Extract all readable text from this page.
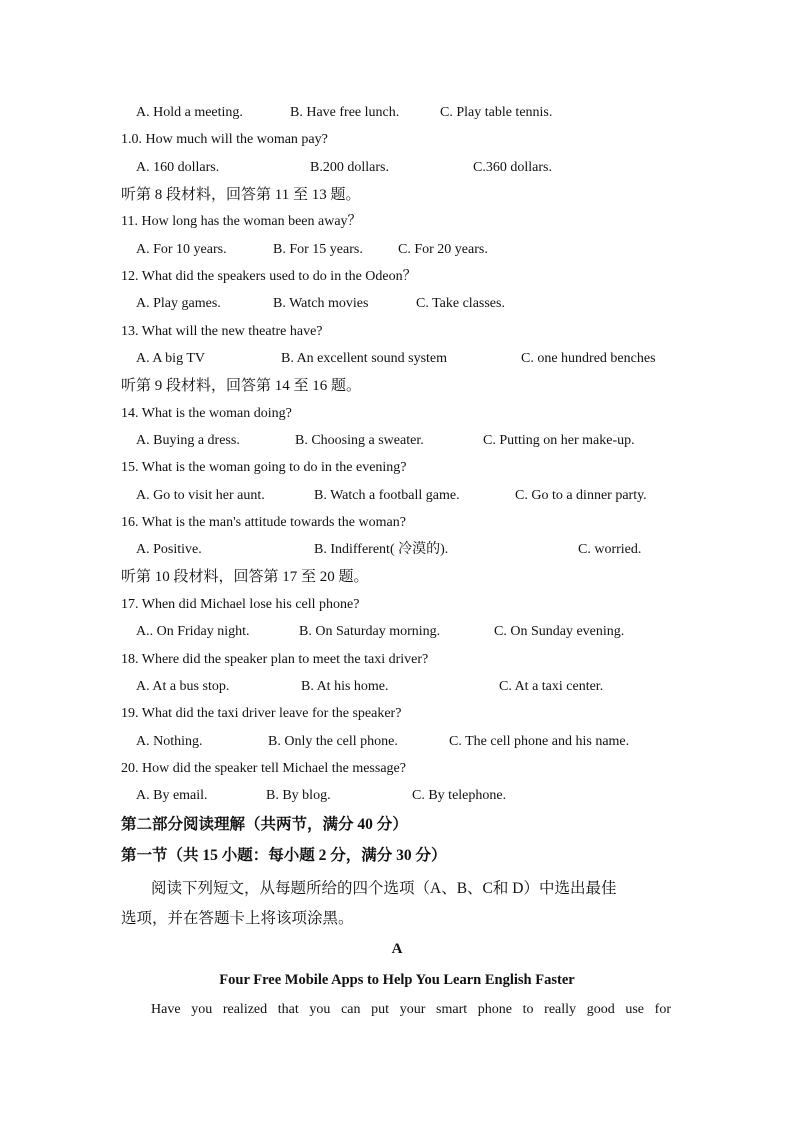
A. Hold a meeting.	B. Have free lunch.	C. Play table tennis.
1.0. How much will the woman pay?
A. 160 dollars.	B.200 dollars.	C.360 dollars.
听第 8 段材料，回答第 11 至 13 题。
11. How long has the woman been away？
A. For 10 years.	B. For 15 years.	C. For 20 years.
12. What did the speakers used to do in the Odeon？
A. Play games.	B. Watch movies	C. Take classes.
13. What will the new theatre have?
A. A big TV	B. An excellent sound system	C. one hundred benches
听第 9 段材料，回答第 14 至 16 题。
14. What is the woman doing?
A. Buying a dress.	B. Choosing a sweater.	C. Putting on her make-up.
15. What is the woman going to do in the evening?
A. Go to visit her aunt.	B. Watch a football game.	C. Go to a dinner party.
16. What is the man's attitude towards the woman?
A. Positive.	B. Indifferent( 冷漠的).	C. worried.
听第 10 段材料，回答第 17 至 20 题。
17. When did Michael lose his cell phone?
A.. On Friday night.	B. On Saturday morning.	C. On Sunday evening.
18. Where did the speaker plan to meet the taxi driver?
A. At a bus stop.	B. At his home.	C. At a taxi center.
19. What did the taxi driver leave for the speaker?
A. Nothing.	B. Only the cell phone.	C. The cell phone and his name.
20. How did the speaker tell Michael the message?
A. By email.	B. By blog.	C. By telephone.
第二部分阅读理解（共两节，满分 40 分）
第一节（共 15 小题：每小题 2 分，满分 30 分）
阅读下列短文，从每题所给的四个选项（A、B、C和 D）中选出最佳
选项，并在答题卡上将该项涂黑。
A
Four Free Mobile Apps to Help You Learn English Faster
Have you realized that you can put your smart phone to really good use for
